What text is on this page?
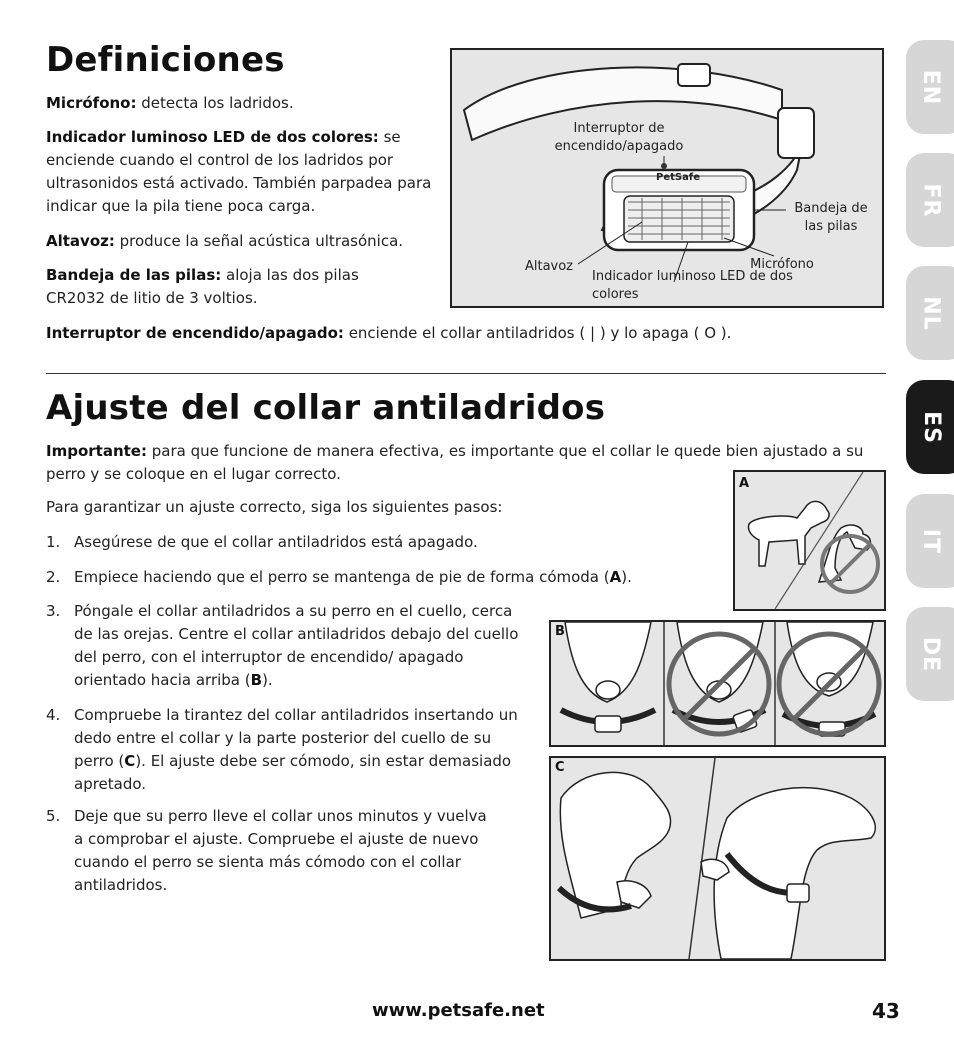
Definiciones
Micrófono: detecta los ladridos.
Indicador luminoso LED de dos colores: se enciende cuando el control de los ladridos por ultrasonidos está activado. También parpadea para indicar que la pila tiene poca carga.
Altavoz: produce la señal acústica ultrasónica.
Bandeja de las pilas: aloja las dos pilas CR2032 de litio de 3 voltios.
Interruptor de encendido/apagado: enciende el collar antiladridos ( | ) y lo apaga ( O ).
Interruptor de encendido/apagado
PetSafe
Bandeja de las pilas
Altavoz
Indicador luminoso LED de dos colores
Micrófono
Ajuste del collar antiladridos
Importante: para que funcione de manera efectiva, es importante que el collar le quede bien ajustado a su perro y se coloque en el lugar correcto.
Para garantizar un ajuste correcto, siga los siguientes pasos:
1. Asegúrese de que el collar antiladridos está apagado.
2. Empiece haciendo que el perro se mantenga de pie de forma cómoda (A).
3. Póngale el collar antiladridos a su perro en el cuello, cerca de las orejas. Centre el collar antiladridos debajo del cuello del perro, con el interruptor de encendido/ apagado orientado hacia arriba (B).
4. Compruebe la tirantez del collar antiladridos insertando un dedo entre el collar y la parte posterior del cuello de su perro (C). El ajuste debe ser cómodo, sin estar demasiado apretado.
5. Deje que su perro lleve el collar unos minutos y vuelva a comprobar el ajuste. Compruebe el ajuste de nuevo cuando el perro se sienta más cómodo con el collar antiladridos.
A
B
C
EN
FR
NL
ES
IT
DE
www.petsafe.net	43
